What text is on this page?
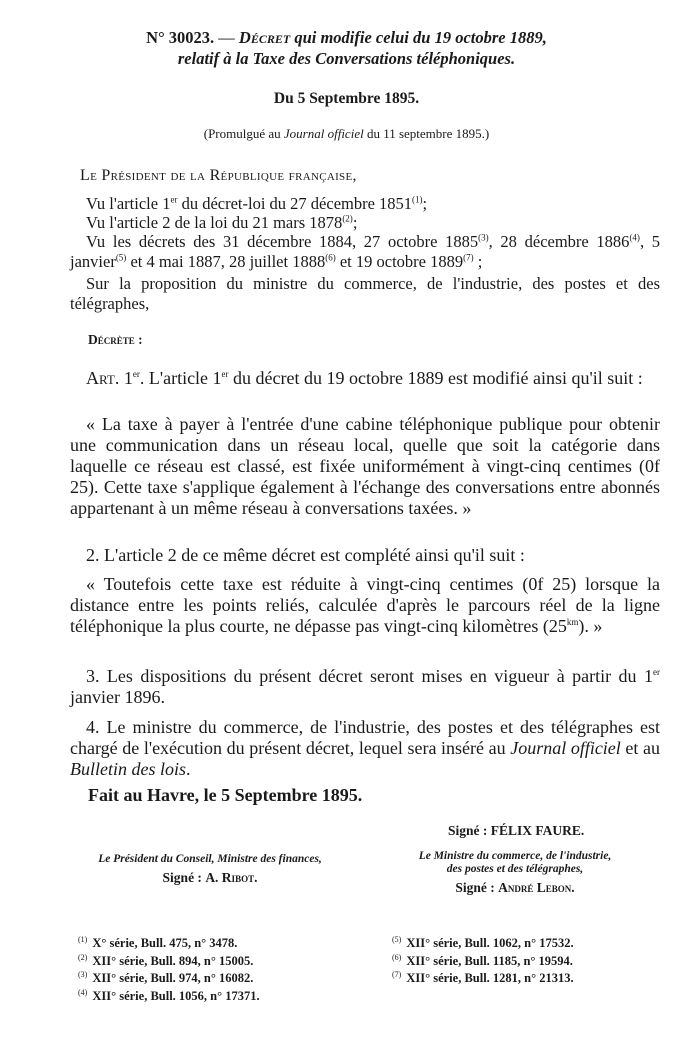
N° 30023. — Décret qui modifie celui du 19 octobre 1889,
relatif à la Taxe des Conversations téléphoniques.
Du 5 Septembre 1895.
(Promulgué au Journal officiel du 11 septembre 1895.)
Le Président de la République française,
Vu l'article 1er du décret-loi du 27 décembre 1851$^{(1)}$;
Vu l'article 2 de la loi du 21 mars 1878$^{(2)}$;
Vu les décrets des 31 décembre 1884, 27 octobre 1885$^{(3)}$, 28 décembre 1886$^{(4)}$, 5 janvier$^{(5)}$ et 4 mai 1887, 28 juillet 1888$^{(6)}$ et 19 octobre 1889$^{(7)}$ ;
Sur la proposition du ministre du commerce, de l'industrie, des postes et des télégraphes,
Décrète :
Art. 1er. L'article 1er du décret du 19 octobre 1889 est modifié ainsi qu'il suit :
« La taxe à payer à l'entrée d'une cabine téléphonique publique pour obtenir une communication dans un réseau local, quelle que soit la catégorie dans laquelle ce réseau est classé, est fixée uniformément à vingt-cinq centimes (0f 25). Cette taxe s'applique également à l'échange des conversations entre abonnés appartenant à un même réseau à conversations taxées. »
2. L'article 2 de ce même décret est complété ainsi qu'il suit :
« Toutefois cette taxe est réduite à vingt-cinq centimes (0f 25) lorsque la distance entre les points reliés, calculée d'après le parcours réel de la ligne téléphonique la plus courte, ne dépasse pas vingt-cinq kilomètres $(25^{km})$. »
3. Les dispositions du présent décret seront mises en vigueur à partir du 1er janvier 1896.
4. Le ministre du commerce, de l'industrie, des postes et des télégraphes est chargé de l'exécution du présent décret, lequel sera inséré au Journal officiel et au Bulletin des lois.
Fait au Havre, le 5 Septembre 1895.
Signé : FÉLIX FAURE.
Le Président du Conseil, Ministre des finances,
Signé : A. Ribot.
Le Ministre du commerce, de l'industrie,
des postes et des télégraphes,
Signé : André Lebon.
$^{(1)}$ X° série, Bull. 475, n° 3478.
$^{(2)}$ XII° série, Bull. 894, n° 15005.
$^{(3)}$ XII° série, Bull. 974, n° 16082.
$^{(4)}$ XII° série, Bull. 1056, n° 17371.
$^{(5)}$ XII° série, Bull. 1062, n° 17532.
$^{(6)}$ XII° série, Bull. 1185, n° 19594.
$^{(7)}$ XII° série, Bull. 1281, n° 21313.
